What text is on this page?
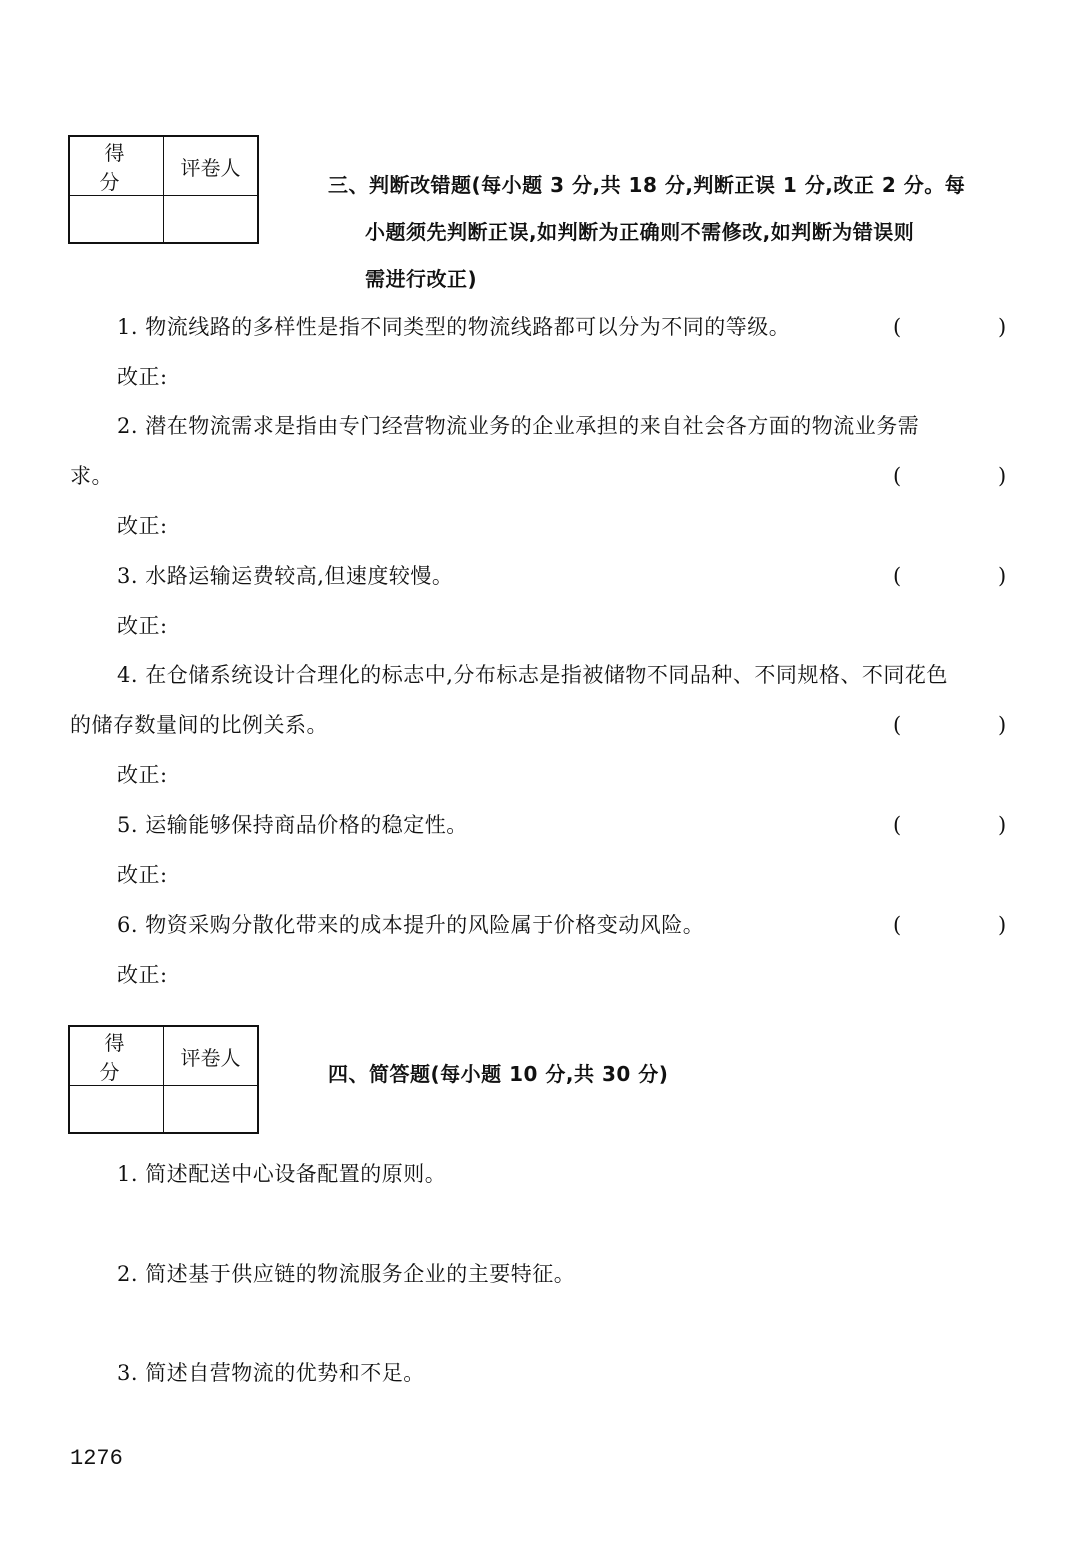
得 分	评卷人

三、判断改错题(每小题 3 分,共 18 分,判断正误 1 分,改正 2 分。每
小题须先判断正误,如判断为正确则不需修改,如判断为错误则
需进行改正)
1. 物流线路的多样性是指不同类型的物流线路都可以分为不同的等级。	(	)
改正:
2. 潜在物流需求是指由专门经营物流业务的企业承担的来自社会各方面的物流业务需
求。	(	)
改正:
3. 水路运输运费较高,但速度较慢。	(	)
改正:
4. 在仓储系统设计合理化的标志中,分布标志是指被储物不同品种、不同规格、不同花色
的储存数量间的比例关系。	(	)
改正:
5. 运输能够保持商品价格的稳定性。	(	)
改正:
6. 物资采购分散化带来的成本提升的风险属于价格变动风险。	(	)
改正:
得 分	评卷人

四、简答题(每小题 10 分,共 30 分)
1. 简述配送中心设备配置的原则。
2. 简述基于供应链的物流服务企业的主要特征。
3. 简述自营物流的优势和不足。
1276
